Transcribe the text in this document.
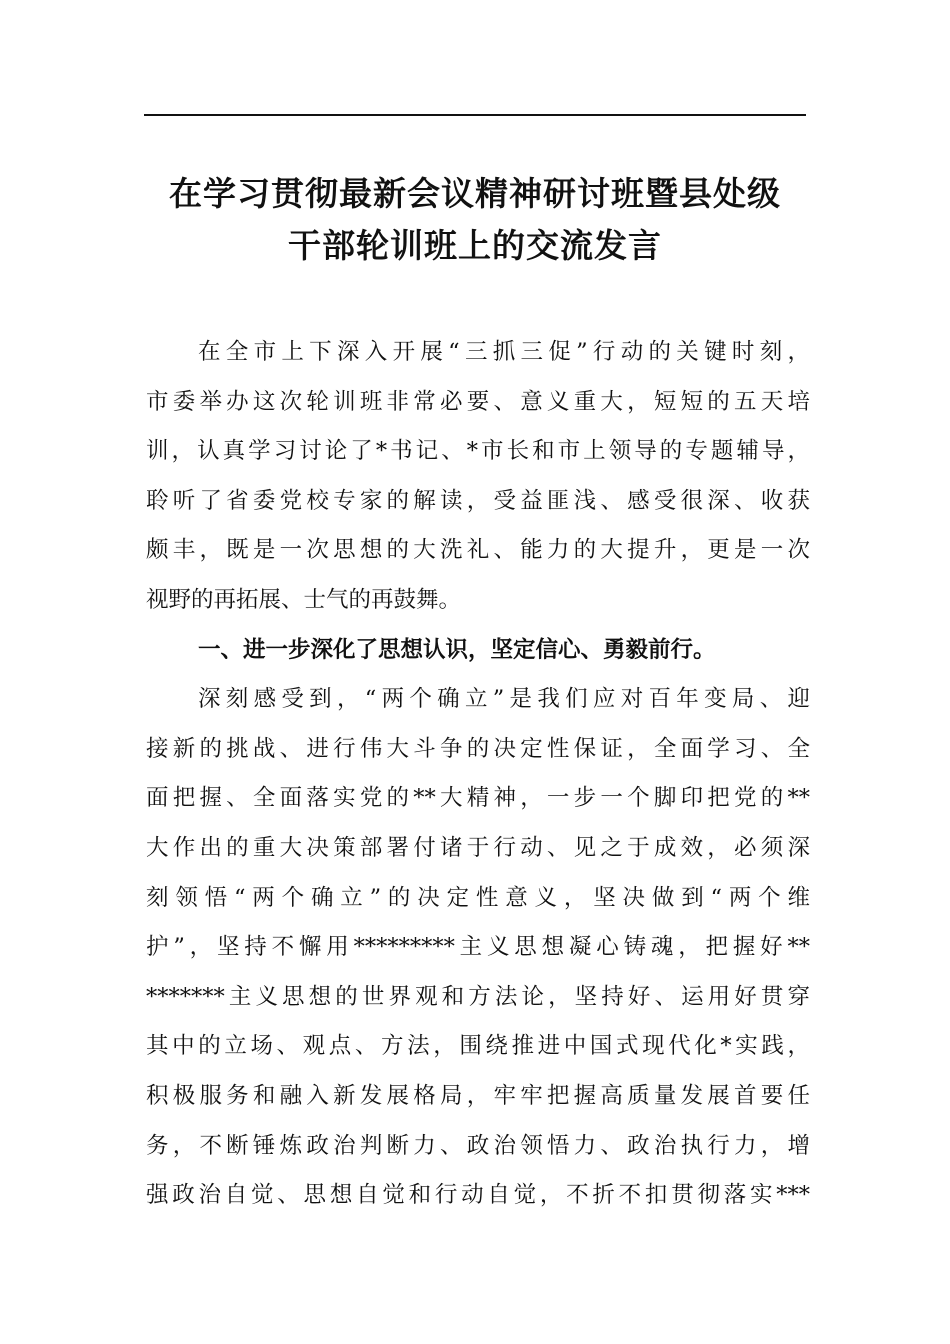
在学习贯彻最新会议精神研讨班暨县处级
干部轮训班上的交流发言
在全市上下深入开展“三抓三促”行动的关键时刻，
市委举办这次轮训班非常必要、意义重大，短短的五天培
训，认真学习讨论了*书记、*市长和市上领导的专题辅导，
聆听了省委党校专家的解读，受益匪浅、感受很深、收获
颇丰，既是一次思想的大洗礼、能力的大提升，更是一次
视野的再拓展、士气的再鼓舞。
一、进一步深化了思想认识，坚定信心、勇毅前行。
深刻感受到，“两个确立”是我们应对百年变局、迎
接新的挑战、进行伟大斗争的决定性保证，全面学习、全
面把握、全面落实党的**大精神，一步一个脚印把党的**
大作出的重大决策部署付诸于行动、见之于成效，必须深
刻领悟“两个确立”的决定性意义，坚决做到“两个维
护”，坚持不懈用*********主义思想凝心铸魂，把握好**
*******主义思想的世界观和方法论，坚持好、运用好贯穿
其中的立场、观点、方法，围绕推进中国式现代化*实践，
积极服务和融入新发展格局，牢牢把握高质量发展首要任
务，不断锤炼政治判断力、政治领悟力、政治执行力，增
强政治自觉、思想自觉和行动自觉，不折不扣贯彻落实***
